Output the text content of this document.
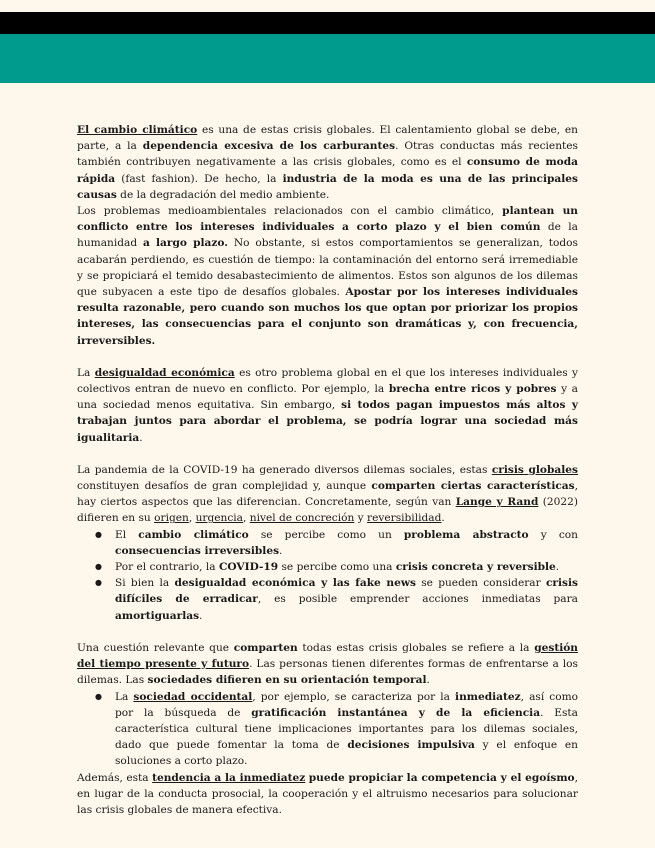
El cambio climático es una de estas crisis globales. El calentamiento global se debe, en parte, a la dependencia excesiva de los carburantes. Otras conductas más recientes también contribuyen negativamente a las crisis globales, como es el consumo de moda rápida (fast fashion). De hecho, la industria de la moda es una de las principales causas de la degradación del medio ambiente.

Los problemas medioambientales relacionados con el cambio climático, plantean un conflicto entre los intereses individuales a corto plazo y el bien común de la humanidad a largo plazo. No obstante, si estos comportamientos se generalizan, todos acabarán perdiendo, es cuestión de tiempo: la contaminación del entorno será irremediable y se propiciará el temido desabastecimiento de alimentos. Estos son algunos de los dilemas que subyacen a este tipo de desafíos globales. Apostar por los intereses individuales resulta razonable, pero cuando son muchos los que optan por priorizar los propios intereses, las consecuencias para el conjunto son dramáticas y, con frecuencia, irreversibles.

La desigualdad económica es otro problema global en el que los intereses individuales y colectivos entran de nuevo en conflicto. Por ejemplo, la brecha entre ricos y pobres y a una sociedad menos equitativa. Sin embargo, si todos pagan impuestos más altos y trabajan juntos para abordar el problema, se podría lograr una sociedad más igualitaria.

La pandemia de la COVID-19 ha generado diversos dilemas sociales, estas crisis globales constituyen desafíos de gran complejidad y, aunque comparten ciertas características, hay ciertos aspectos que las diferencian. Concretamente, según van Lange y Rand (2022) difieren en su origen, urgencia, nivel de concreción y reversibilidad.

● El cambio climático se percibe como un problema abstracto y con consecuencias irreversibles.
● Por el contrario, la COVID-19 se percibe como una crisis concreta y reversible.
● Si bien la desigualdad económica y las fake news se pueden considerar crisis difíciles de erradicar, es posible emprender acciones inmediatas para amortiguarlas.

Una cuestión relevante que comparten todas estas crisis globales se refiere a la gestión del tiempo presente y futuro. Las personas tienen diferentes formas de enfrentarse a los dilemas. Las sociedades difieren en su orientación temporal.

● La sociedad occidental, por ejemplo, se caracteriza por la inmediatez, así como por la búsqueda de gratificación instantánea y de la eficiencia. Esta característica cultural tiene implicaciones importantes para los dilemas sociales, dado que puede fomentar la toma de decisiones impulsiva y el enfoque en soluciones a corto plazo.

Además, esta tendencia a la inmediatez puede propiciar la competencia y el egoísmo, en lugar de la conducta prosocial, la cooperación y el altruismo necesarios para solucionar las crisis globales de manera efectiva.
